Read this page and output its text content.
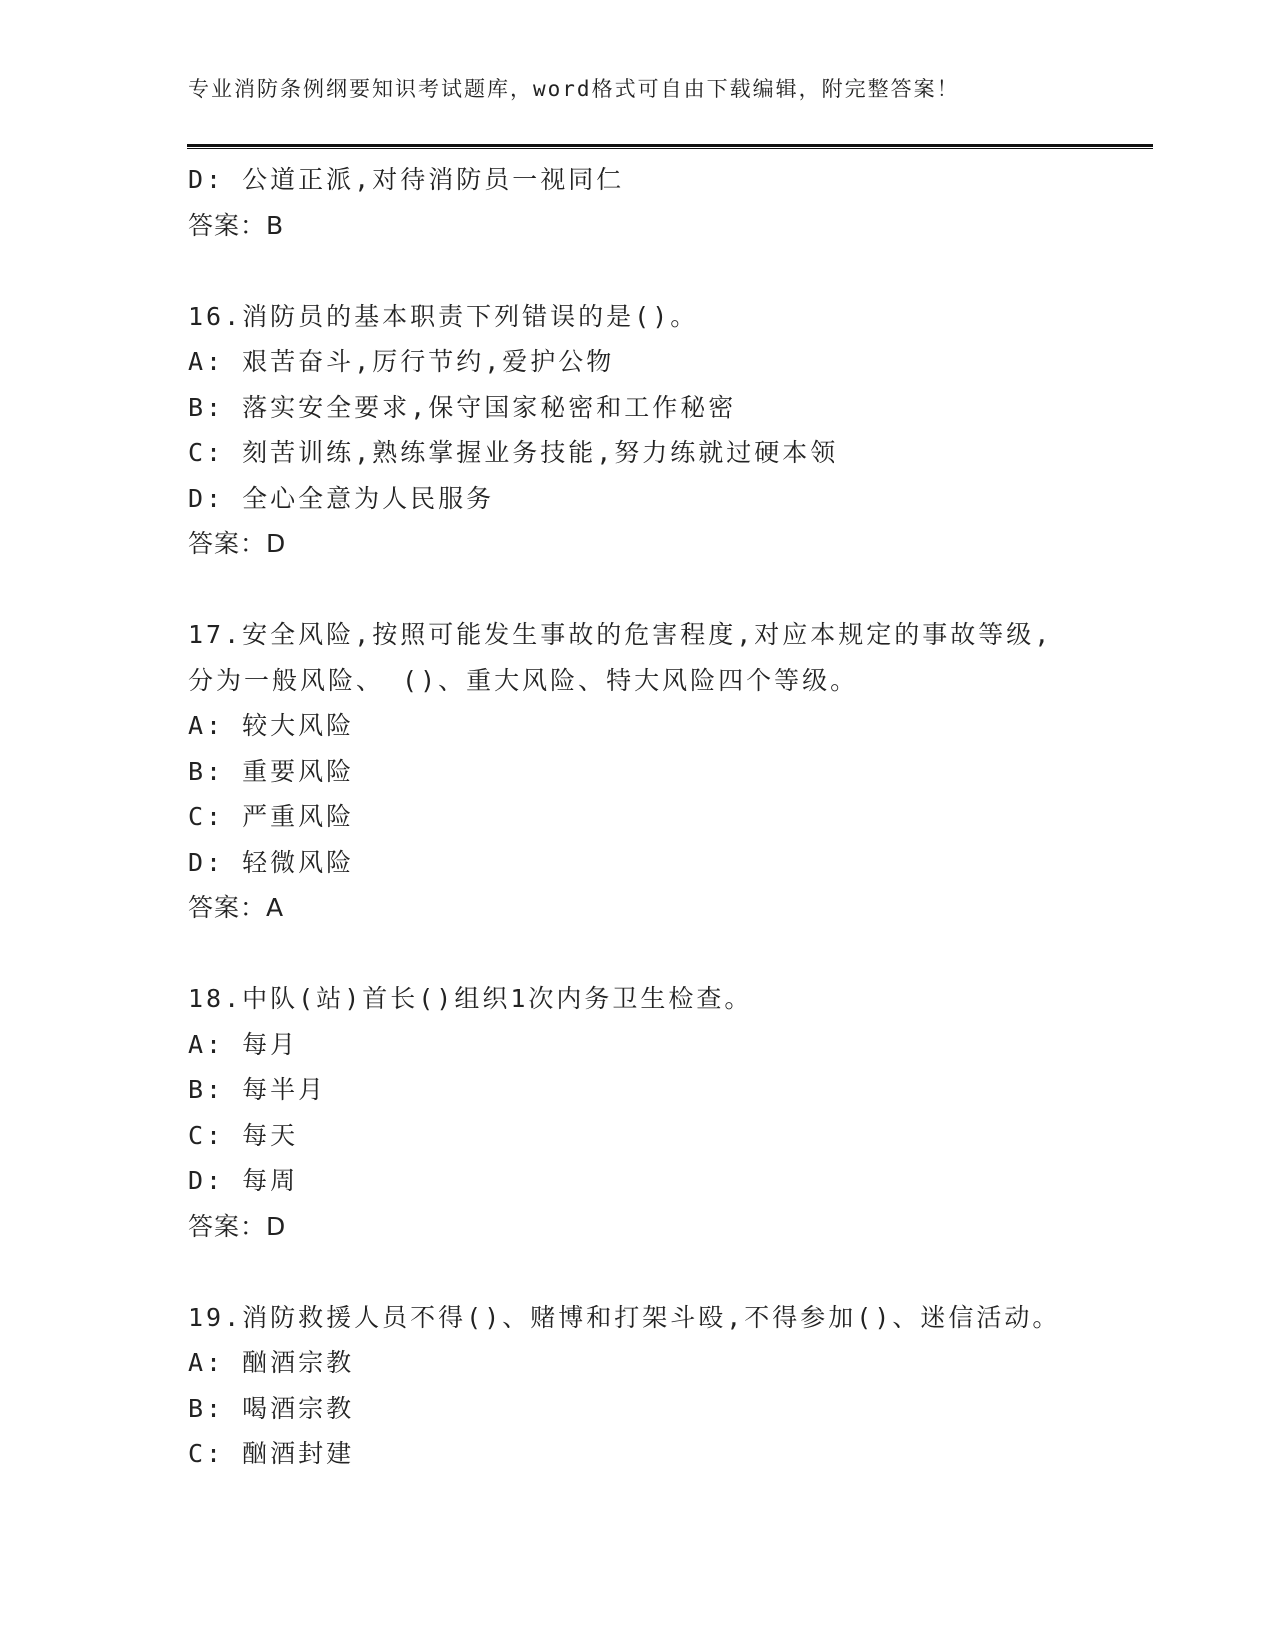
专业消防条例纲要知识考试题库，word格式可自由下载编辑，附完整答案！
D: 公道正派,对待消防员一视同仁
答案：B
16.消防员的基本职责下列错误的是()。
A: 艰苦奋斗,厉行节约,爱护公物
B: 落实安全要求,保守国家秘密和工作秘密
C: 刻苦训练,熟练掌握业务技能,努力练就过硬本领
D: 全心全意为人民服务
答案：D
17.安全风险,按照可能发生事故的危害程度,对应本规定的事故等级,
分为一般风险、 ()、重大风险、特大风险四个等级。
A: 较大风险
B: 重要风险
C: 严重风险
D: 轻微风险
答案：A
18.中队(站)首长()组织1次内务卫生检查。
A: 每月
B: 每半月
C: 每天
D: 每周
答案：D
19.消防救援人员不得()、赌博和打架斗殴,不得参加()、迷信活动。
A: 酗酒宗教
B: 喝酒宗教
C: 酗酒封建
